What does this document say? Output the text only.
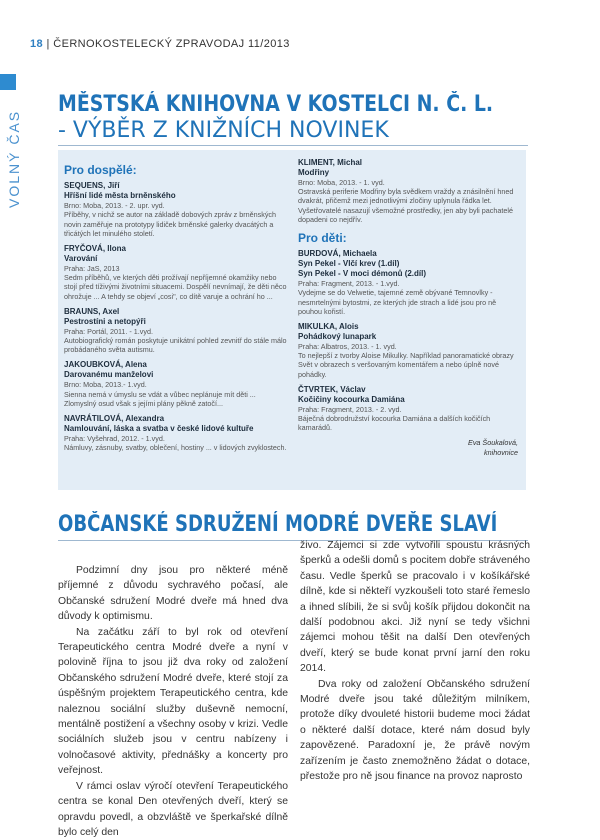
18 | ČERNOKOSTELECKÝ ZPRAVODAJ 11/2013
VOLNÝ ČAS
MĚSTSKÁ KNIHOVNA V KOSTELCI N. Č. L.
- VÝBĚR Z KNIŽNÍCH NOVINEK
Pro dospělé:
SEQUENS, Jiří
Hříšní lidé města brněnského
Brno: Moba, 2013. - 2. upr. vyd.
Příběhy, v nichž se autor na základě dobových zpráv z brněnských novin zaměřuje na prototypy lidiček brněnské galerky dvacátých a třicátých let minulého století.
FRYČOVÁ, Ilona
Varování
Praha: JaS, 2013
Sedm příběhů, ve kterých děti prožívají nepříjemné okamžiky nebo stojí před tíživými životními situacemi. Dospělí nevnímají, že děti něco ohrožuje ... A tehdy se objeví „cosi", co dítě varuje a ochrání ho ...
BRAUNS, Axel
Pestrostíni a netopýři
Praha: Portál, 2011. - 1.vyd.
Autobiografický román poskytuje unikátní pohled zevnitř do stále málo probádaného světa autismu.
JAKOUBKOVÁ, Alena
Darovanému manželovi
Brno: Moba, 2013.- 1.vyd.
Sienna nemá v úmyslu se vdát a vůbec neplánuje mít děti ... Zlomyslný osud však s jejími plány pěkně zatočí...
NAVRÁTILOVÁ, Alexandra
Namlouvání, láska a svatba v české lidové kultuře
Praha: Vyšehrad, 2012. - 1.vyd.
Námluvy, zásnuby, svatby, oblečení, hostiny ... v lidových zvyklostech.
KLIMENT, Michal
Modřiny
Brno: Moba, 2013. - 1. vyd.
Ostravská periferie Modřiny byla svědkem vraždy a znásilnění hned dvakrát, přičemž mezi jednotlivými zločiny uplynula řádka let. Vyšetřovatelé nasazují všemožné prostředky, jen aby byli pachatelé dopadeni co nejdřív.
Pro děti:
BURDOVÁ, Michaela
Syn Pekel - Vlčí krev (1.díl)
Syn Pekel - V moci démonů (2.díl)
Praha: Fragment, 2013. - 1.vyd.
Vydejme se do Velwetie, tajemné země obývané Temnovlky - nesmrtelnými bytostmi, ze kterých jde strach a lidé jsou pro ně pouhou kořistí.
MIKULKA, Alois
Pohádkový lunapark
Praha: Albatros, 2013. - 1. vyd.
To nejlepší z tvorby Aloise Mikulky. Například panoramatické obrazy Svět v obrazech s veršovaným komentářem a nebo úplně nové pohádky.
ČTVRTEK, Václav
Kočičiny kocourka Damiána
Praha: Fragment, 2013. - 2. vyd.
Báječná dobrodružství kocourka Damiána a dalších kočičích kamarádů.
Eva Šoukalová,
knihovnice
OBČANSKÉ SDRUŽENÍ MODRÉ DVEŘE SLAVÍ

Podzimní dny jsou pro některé méně příjemné z důvodu sychravého počasí, ale Občanské sdružení Modré dveře má hned dva důvody k optimismu.

Na začátku září to byl rok od otevření Terapeutického centra Modré dveře a nyní v polovině října to jsou již dva roky od založení Občanského sdružení Modré dveře, které stojí za úspěšným projektem Terapeutického centra, kde naleznou sociální služby duševně nemocní, mentálně postižení a všechny osoby v krizi. Vedle sociálních služeb jsou v centru nabízeny i volnočasové aktivity, přednášky a koncerty pro veřejnost.

V rámci oslav výročí otevření Terapeutického centra se konal Den otevřených dveří, který se opravdu povedl, a obzvláště ve šperkařské dílně bylo celý den

živo. Zájemci si zde vytvořili spoustu krásných šperků a odešli domů s pocitem dobře stráveného času. Vedle šperků se pracovalo i v košíkářské dílně, kde si někteří vyzkoušeli toto staré řemeslo a ihned slíbili, že si svůj košík přijdou dokončit na další podobnou akci. Již nyní se tedy všichni zájemci mohou těšit na další Den otevřených dveří, který se bude konat první jarní den roku 2014.

Dva roky od založení Občanského sdružení Modré dveře jsou také důležitým milníkem, protože díky dvouleté historii budeme moci žádat o některé další dotace, které nám dosud byly zapovězené. Paradoxní je, že právě novým zařízením je často znemožněno žádat o dotace, přestože pro ně jsou finance na provoz naprosto
